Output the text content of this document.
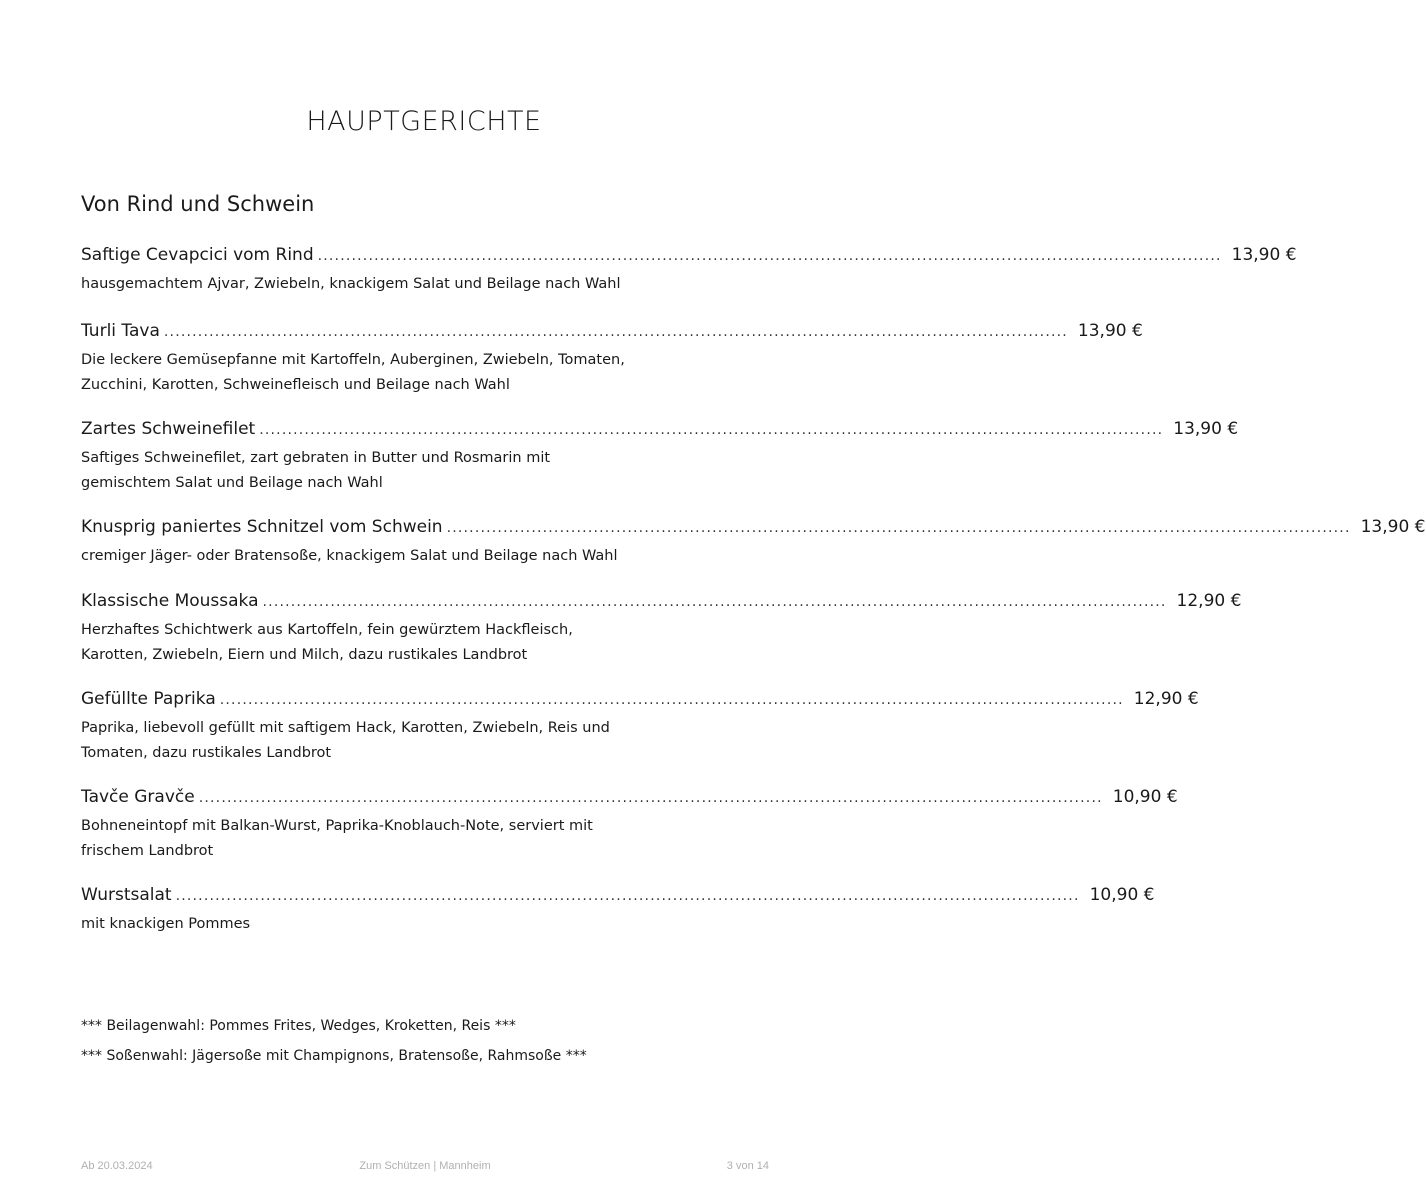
HAUPTGERICHTE
Von Rind und Schwein
Saftige Cevapcici vom Rind ................................................................................................................................................................ 13,90 €
hausgemachtem Ajvar, Zwiebeln, knackigem Salat und Beilage nach Wahl
Turli Tava ................................................................................................................................................................ 13,90 €
Die leckere Gemüsepfanne mit Kartoffeln, Auberginen, Zwiebeln, Tomaten, Zucchini, Karotten, Schweinefleisch und Beilage nach Wahl
Zartes Schweinefilet ................................................................................................................................................................ 13,90 €
Saftiges Schweinefilet, zart gebraten in Butter und Rosmarin mit gemischtem Salat und Beilage nach Wahl
Knusprig paniertes Schnitzel vom Schwein ................................................................................................................................................................ 13,90 €
cremiger Jäger- oder Bratensoße, knackigem Salat und Beilage nach Wahl
Klassische Moussaka ................................................................................................................................................................ 12,90 €
Herzhaftes Schichtwerk aus Kartoffeln, fein gewürztem Hackfleisch, Karotten, Zwiebeln, Eiern und Milch, dazu rustikales Landbrot
Gefüllte Paprika ................................................................................................................................................................ 12,90 €
Paprika, liebevoll gefüllt mit saftigem Hack, Karotten, Zwiebeln, Reis und Tomaten, dazu rustikales Landbrot
Tavče Gravče ................................................................................................................................................................ 10,90 €
Bohneneintopf mit Balkan-Wurst, Paprika-Knoblauch-Note, serviert mit frischem Landbrot
Wurstsalat ................................................................................................................................................................ 10,90 €
mit knackigen Pommes
*** Beilagenwahl: Pommes Frites, Wedges, Kroketten, Reis ***
*** Soßenwahl: Jägersoße mit Champignons, Bratensoße, Rahmsoße ***
Ab 20.03.2024	Zum Schützen | Mannheim	3 von 14
